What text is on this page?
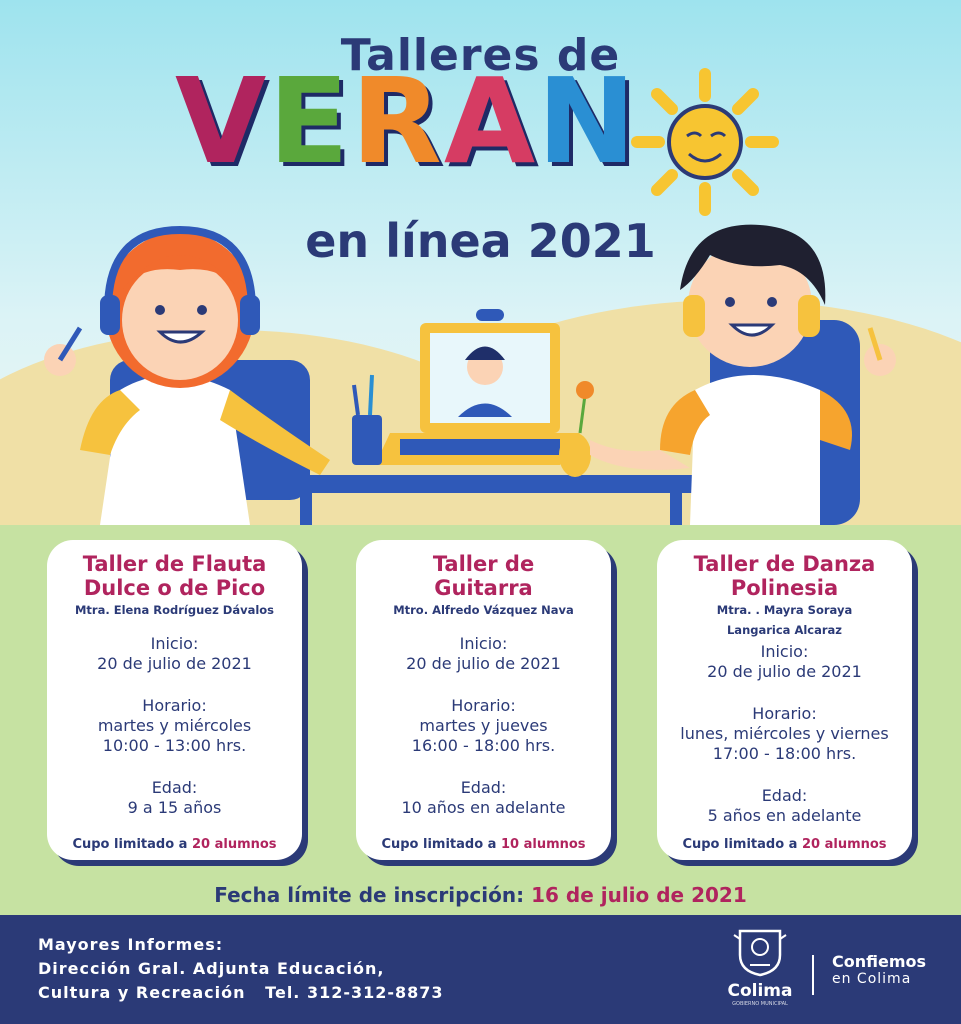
Talleres de
VERAN
en línea 2021
Taller de Flauta Dulce o de Pico
Mtra. Elena Rodríguez Dávalos
Inicio:
20 de julio de 2021
Horario:
martes y miércoles
10:00 - 13:00 hrs.
Edad:
9 a 15 años
Cupo limitado a 20 alumnos
Taller de Guitarra
Mtro. Alfredo Vázquez Nava
Inicio:
20 de julio de 2021
Horario:
martes y jueves
16:00 - 18:00 hrs.
Edad:
10 años en adelante
Cupo limitado a 10 alumnos
Taller de Danza Polinesia
Mtra. . Mayra Soraya Langarica Alcaraz
Inicio:
20 de julio de 2021
Horario:
lunes, miércoles y viernes
17:00 - 18:00 hrs.
Edad:
5 años en adelante
Cupo limitado a 20 alumnos
Fecha límite de inscripción: 16 de julio de 2021
Mayores Informes:
Dirección Gral. Adjunta Educación,
Cultura y Recreación   Tel. 312-312-8873	Colima
GOBIERNO MUNICIPAL
Confiemos
en Colima
